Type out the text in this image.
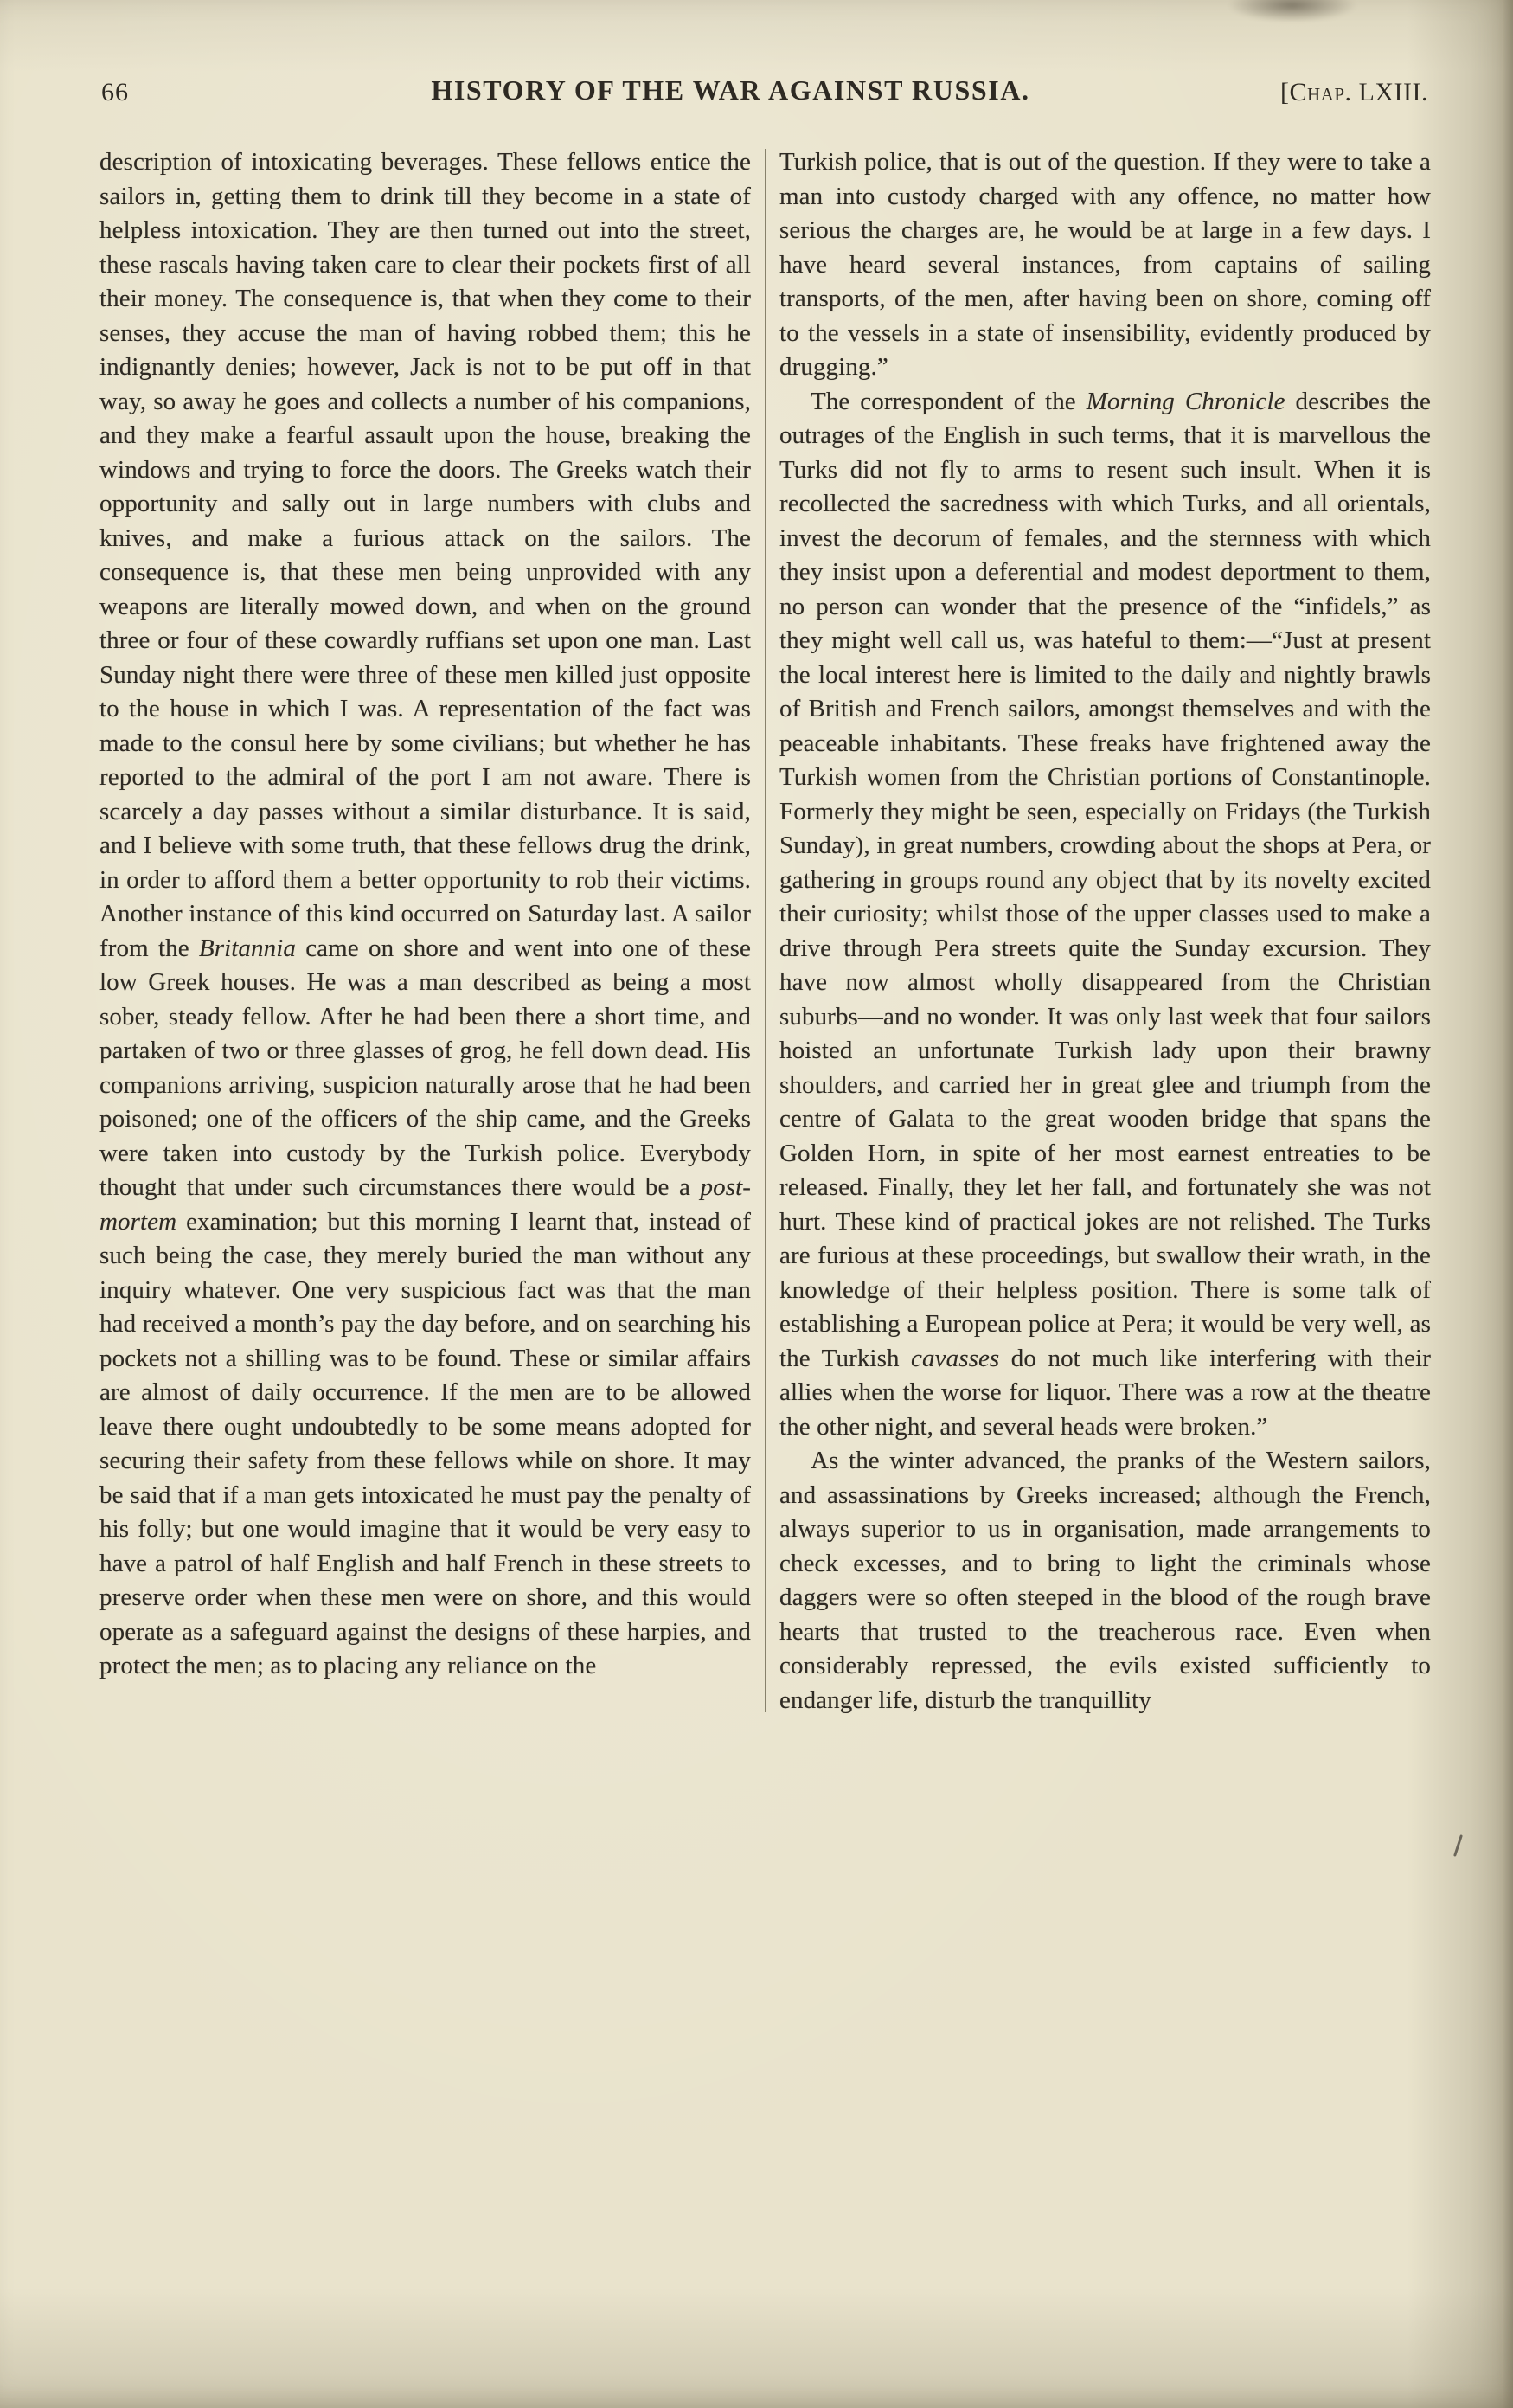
66	HISTORY OF THE WAR AGAINST RUSSIA.	[Chap. LXIII.

description of intoxicating beverages. These fellows entice the sailors in, getting them to drink till they become in a state of helpless intoxication. They are then turned out into the street, these rascals having taken care to clear their pockets first of all their money. The consequence is, that when they come to their senses, they accuse the man of having robbed them; this he indignantly denies; however, Jack is not to be put off in that way, so away he goes and collects a number of his companions, and they make a fearful assault upon the house, breaking the windows and trying to force the doors. The Greeks watch their opportunity and sally out in large numbers with clubs and knives, and make a furious attack on the sailors. The consequence is, that these men being unprovided with any weapons are literally mowed down, and when on the ground three or four of these cowardly ruffians set upon one man. Last Sunday night there were three of these men killed just opposite to the house in which I was. A representation of the fact was made to the consul here by some civilians; but whether he has reported to the admiral of the port I am not aware. There is scarcely a day passes without a similar disturbance. It is said, and I believe with some truth, that these fellows drug the drink, in order to afford them a better opportunity to rob their victims. Another instance of this kind occurred on Saturday last. A sailor from the Britannia came on shore and went into one of these low Greek houses. He was a man described as being a most sober, steady fellow. After he had been there a short time, and partaken of two or three glasses of grog, he fell down dead. His companions arriving, suspicion naturally arose that he had been poisoned; one of the officers of the ship came, and the Greeks were taken into custody by the Turkish police. Everybody thought that under such circumstances there would be a post-mortem examination; but this morning I learnt that, instead of such being the case, they merely buried the man without any inquiry whatever. One very suspicious fact was that the man had received a month’s pay the day before, and on searching his pockets not a shilling was to be found. These or similar affairs are almost of daily occurrence. If the men are to be allowed leave there ought undoubtedly to be some means adopted for securing their safety from these fellows while on shore. It may be said that if a man gets intoxicated he must pay the penalty of his folly; but one would imagine that it would be very easy to have a patrol of half English and half French in these streets to preserve order when these men were on shore, and this would operate as a safeguard against the designs of these harpies, and protect the men; as to placing any reliance on the

Turkish police, that is out of the question. If they were to take a man into custody charged with any offence, no matter how serious the charges are, he would be at large in a few days. I have heard several instances, from captains of sailing transports, of the men, after having been on shore, coming off to the vessels in a state of insensibility, evidently produced by drugging.”

The correspondent of the Morning Chronicle describes the outrages of the English in such terms, that it is marvellous the Turks did not fly to arms to resent such insult. When it is recollected the sacredness with which Turks, and all orientals, invest the decorum of females, and the sternness with which they insist upon a deferential and modest deportment to them, no person can wonder that the presence of the “infidels,” as they might well call us, was hateful to them:—“Just at present the local interest here is limited to the daily and nightly brawls of British and French sailors, amongst themselves and with the peaceable inhabitants. These freaks have frightened away the Turkish women from the Christian portions of Constantinople. Formerly they might be seen, especially on Fridays (the Turkish Sunday), in great numbers, crowding about the shops at Pera, or gathering in groups round any object that by its novelty excited their curiosity; whilst those of the upper classes used to make a drive through Pera streets quite the Sunday excursion. They have now almost wholly disappeared from the Christian suburbs—and no wonder. It was only last week that four sailors hoisted an unfortunate Turkish lady upon their brawny shoulders, and carried her in great glee and triumph from the centre of Galata to the great wooden bridge that spans the Golden Horn, in spite of her most earnest entreaties to be released. Finally, they let her fall, and fortunately she was not hurt. These kind of practical jokes are not relished. The Turks are furious at these proceedings, but swallow their wrath, in the knowledge of their helpless position. There is some talk of establishing a European police at Pera; it would be very well, as the Turkish cavasses do not much like interfering with their allies when the worse for liquor. There was a row at the theatre the other night, and several heads were broken.”

As the winter advanced, the pranks of the Western sailors, and assassinations by Greeks increased; although the French, always superior to us in organisation, made arrangements to check excesses, and to bring to light the criminals whose daggers were so often steeped in the blood of the rough brave hearts that trusted to the treacherous race. Even when considerably repressed, the evils existed sufficiently to endanger life, disturb the tranquillity
